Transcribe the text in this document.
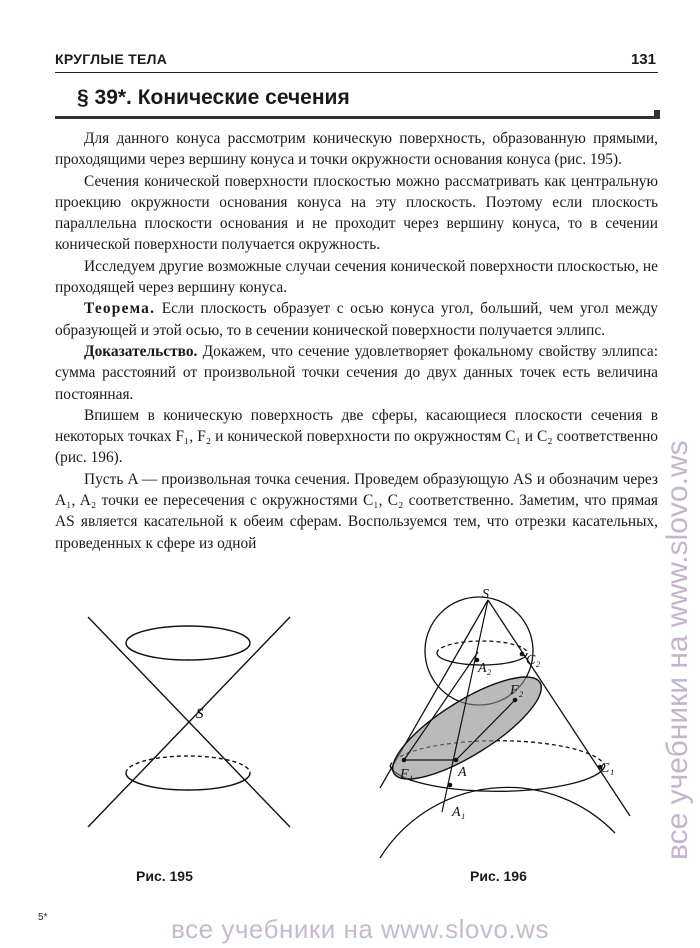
КРУГЛЫЕ ТЕЛА	131
§ 39*. Конические сечения

Для данного конуса рассмотрим коническую поверхность, образованную прямыми, проходящими через вершину конуса и точки окружности основания конуса (рис. 195).

Сечения конической поверхности плоскостью можно рассматривать как центральную проекцию окружности основания конуса на эту плоскость. Поэтому если плоскость параллельна плоскости основания и не проходит через вершину конуса, то в сечении конической поверхности получается окружность.

Исследуем другие возможные случаи сечения конической поверхности плоскостью, не проходящей через вершину конуса.

Теорема. Если плоскость образует с осью конуса угол, больший, чем угол между образующей и этой осью, то в сечении конической поверхности получается эллипс.

Доказательство. Докажем, что сечение удовлетворяет фокальному свойству эллипса: сумма расстояний от произвольной точки сечения до двух данных точек есть величина постоянная.

Впишем в коническую поверхность две сферы, касающиеся плоскости сечения в некоторых точках F₁, F₂ и конической поверхности по окружностям C₁ и C₂ соответственно (рис. 196).

Пусть A — произвольная точка сечения. Проведем образующую AS и обозначим через A₁, A₂ точки ее пересечения с окружностями C₁, C₂ соответственно. Заметим, что прямая AS является касательной к обеим сферам. Воспользуемся тем, что отрезки касательных, проведенных к сфере из одной

S
Рис. 195
S
A
A₁
A₂
C₁
C₂
F₁
F₂
Рис. 196
все учебники на www.slovo.ws
5*	все учебники на www.slovo.ws
